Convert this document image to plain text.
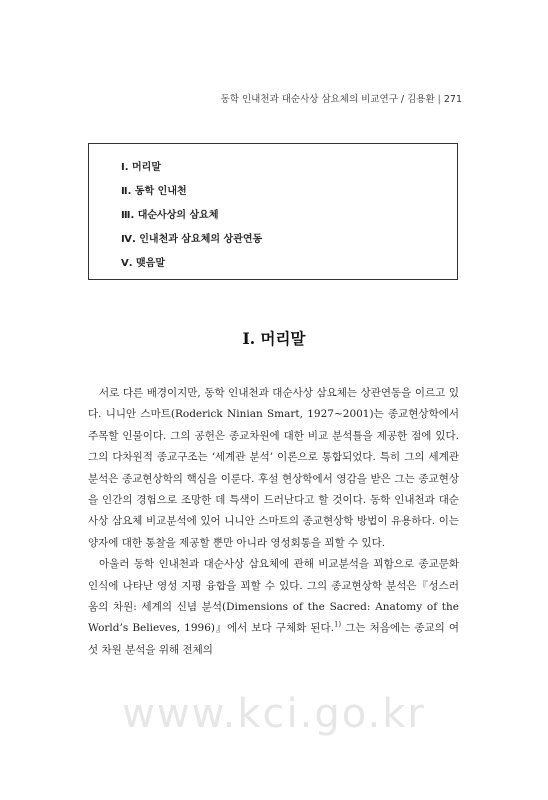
동학 인내천과 대순사상 삼요체의 비교연구 / 김용환 | 271
Ⅰ. 머리말
Ⅱ. 동학 인내천
Ⅲ. 대순사상의 삼요체
Ⅳ. 인내천과 삼요체의 상관연동
Ⅴ. 맺음말
Ⅰ. 머리말

서로 다른 배경이지만, 동학 인내천과 대순사상 삼요체는 상관연동을 이르고 있다. 니니안 스마트(Roderick Ninian Smart, 1927~2001)는 종교현상학에서 주목할 인물이다. 그의 공헌은 종교차원에 대한 비교 분석틀을 제공한 점에 있다. 그의 다차원적 종교구조는 ‘세계관 분석’ 이론으로 통합되었다. 특히 그의 세계관 분석은 종교현상학의 핵심을 이룬다. 후설 현상학에서 영감을 받은 그는 종교현상을 인간의 경험으로 조망한 데 특색이 드러난다고 할 것이다. 동학 인내천과 대순사상 삼요체 비교분석에 있어 니니안 스마트의 종교현상학 방법이 유용하다. 이는 양자에 대한 통찰을 제공할 뿐만 아니라 영성회통을 꾀할 수 있다.

아울러 동학 인내천과 대순사상 삼요체에 관해 비교분석을 꾀함으로 종교문화 인식에 나타난 영성 지평 융합을 꾀할 수 있다. 그의 종교현상학 분석은『성스러움의 차원: 세계의 신념 분석(Dimensions of the Sacred: Anatomy of the World’s Believes, 1996)』에서 보다 구체화 된다.$^{1)}$ 그는 처음에는 종교의 여섯 차원 분석을 위해 전체의

www.kci.go.kr
